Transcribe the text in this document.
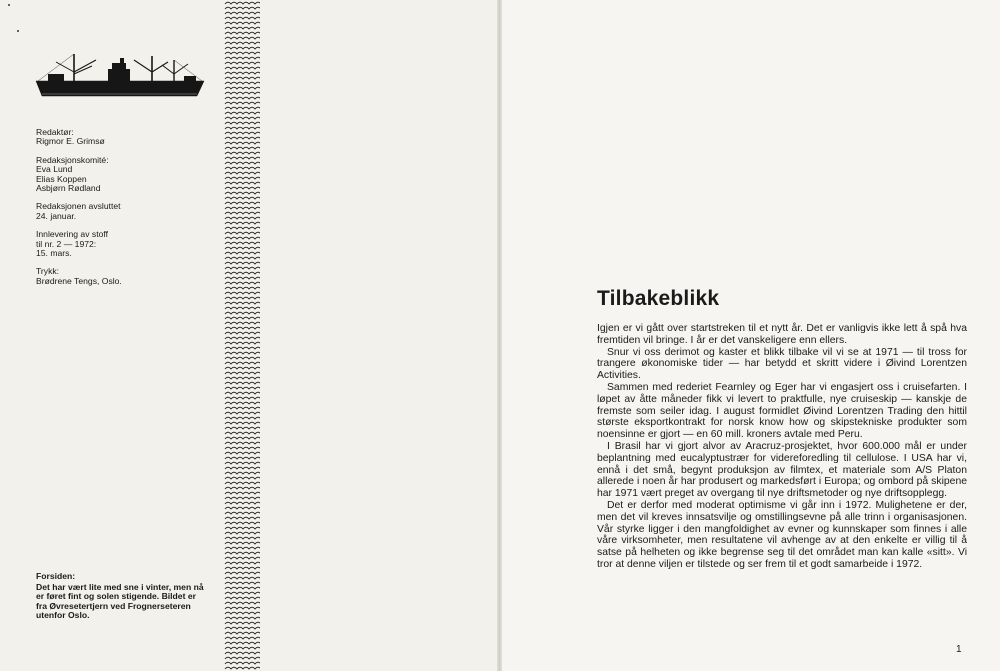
Redaktør:
Rigmor E. Grimsø
Redaksjonskomité:
Eva Lund
Elias Koppen
Asbjørn Rødland
Redaksjonen avsluttet
24. januar.
Innlevering av stoff
til nr. 2 — 1972:
15. mars.
Trykk:
Brødrene Tengs, Oslo.
Forsiden:
Det har vært lite med sne i vinter, men nå er føret fint og solen stigende. Bildet er fra Øvresetertjern ved Frognerseteren utenfor Oslo.
Tilbakeblikk

Igjen er vi gått over startstreken til et nytt år. Det er vanligvis ikke lett å spå hva fremtiden vil bringe. I år er det vanskeligere enn ellers.

Snur vi oss derimot og kaster et blikk tilbake vil vi se at 1971 — til tross for trangere økonomiske tider — har betydd et skritt videre i Øivind Lorentzen Activities.

Sammen med rederiet Fearnley og Eger har vi engasjert oss i cruisefarten. I løpet av åtte måneder fikk vi levert to praktfulle, nye cruiseskip — kanskje de fremste som seiler idag. I august formidlet Øivind Lorentzen Trading den hittil største eksportkontrakt for norsk know how og skipstekniske produkter som noensinne er gjort — en 60 mill. kroners avtale med Peru.

I Brasil har vi gjort alvor av Aracruz-prosjektet, hvor 600.000 mål er under beplantning med eucalyptustrær for videreforedling til cellulose. I USA har vi, ennå i det små, begynt produksjon av filmtex, et materiale som A/S Platon allerede i noen år har produsert og markedsført i Europa; og ombord på skipene har 1971 vært preget av overgang til nye driftsmetoder og nye driftsopplegg.

Det er derfor med moderat optimisme vi går inn i 1972. Mulighetene er der, men det vil kreves innsatsvilje og omstillingsevne på alle trinn i organisasjonen. Vår styrke ligger i den mangfoldighet av evner og kunnskaper som finnes i alle våre virksomheter, men resultatene vil avhenge av at den enkelte er villig til å satse på helheten og ikke begrense seg til det området man kan kalle «sitt». Vi tror at denne viljen er tilstede og ser frem til et godt samarbeide i 1972.

1
